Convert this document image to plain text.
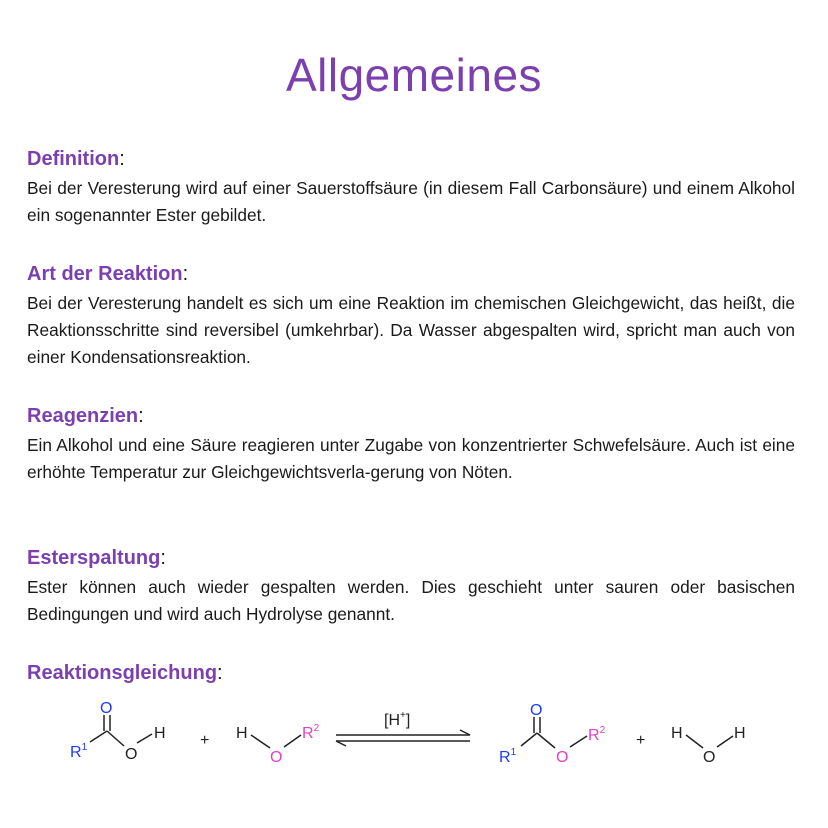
Allgemeines
Definition:

Bei der Veresterung wird auf einer Sauerstoffsäure (in diesem Fall Carbonsäure) und einem Alkohol ein sogenannter Ester gebildet.

Art der Reaktion:

Bei der Veresterung handelt es sich um eine Reaktion im chemischen Gleichgewicht, das heißt, die Reaktionsschritte sind reversibel (umkehrbar). Da Wasser abgespalten wird, spricht man auch von einer Kondensationsreaktion.

Reagenzien:

Ein Alkohol und eine Säure reagieren unter Zugabe von konzentrierter Schwefelsäure. Auch ist eine erhöhte Temperatur zur Gleichgewichtsverla-gerung von Nöten.

Esterspaltung:

Ester können auch wieder gespalten werden. Dies geschieht unter sauren oder basischen Bedingungen und wird auch Hydrolyse genannt.

Reaktionsgleichung:
O
O
H
$R^1$	+ H
O
$R^2$	[H+]
$R^1$
O
O
$R^2$
+ H
O
H
